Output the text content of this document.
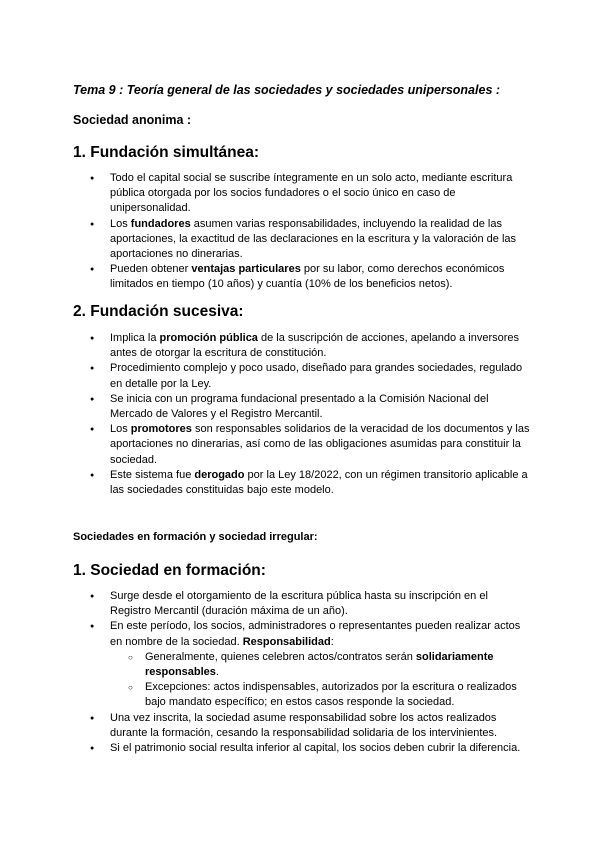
Tema 9 : Teoría general de las sociedades y sociedades unipersonales :
Sociedad anonima :
1. Fundación simultánea:
● Todo el capital social se suscribe íntegramente en un solo acto, mediante escritura pública otorgada por los socios fundadores o el socio único en caso de unipersonalidad.
● Los fundadores asumen varias responsabilidades, incluyendo la realidad de las aportaciones, la exactitud de las declaraciones en la escritura y la valoración de las aportaciones no dinerarias.
● Pueden obtener ventajas particulares por su labor, como derechos económicos limitados en tiempo (10 años) y cuantía (10% de los beneficios netos).
2. Fundación sucesiva:
● Implica la promoción pública de la suscripción de acciones, apelando a inversores antes de otorgar la escritura de constitución.
● Procedimiento complejo y poco usado, diseñado para grandes sociedades, regulado en detalle por la Ley.
● Se inicia con un programa fundacional presentado a la Comisión Nacional del Mercado de Valores y el Registro Mercantil.
● Los promotores son responsables solidarios de la veracidad de los documentos y las aportaciones no dinerarias, así como de las obligaciones asumidas para constituir la sociedad.
● Este sistema fue derogado por la Ley 18/2022, con un régimen transitorio aplicable a las sociedades constituidas bajo este modelo.
Sociedades en formación y sociedad irregular:
1. Sociedad en formación:
● Surge desde el otorgamiento de la escritura pública hasta su inscripción en el Registro Mercantil (duración máxima de un año).
● En este período, los socios, administradores o representantes pueden realizar actos en nombre de la sociedad. Responsabilidad:
○ Generalmente, quienes celebren actos/contratos serán solidariamente responsables.
○ Excepciones: actos indispensables, autorizados por la escritura o realizados bajo mandato específico; en estos casos responde la sociedad.
● Una vez inscrita, la sociedad asume responsabilidad sobre los actos realizados durante la formación, cesando la responsabilidad solidaria de los intervinientes.
● Si el patrimonio social resulta inferior al capital, los socios deben cubrir la diferencia.
